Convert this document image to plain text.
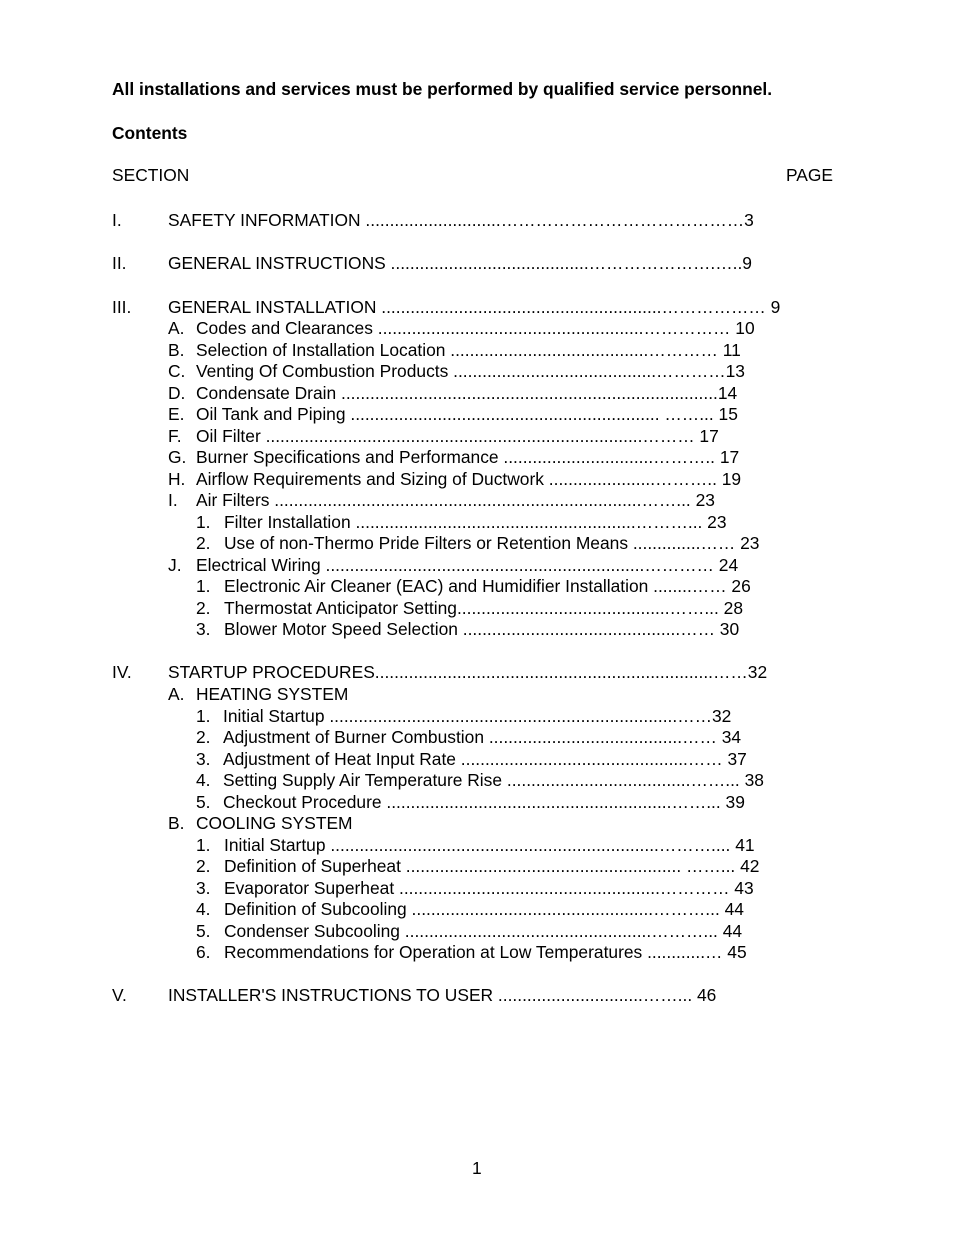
All installations and services must be performed by qualified service personnel.
Contents
SECTION	PAGE
I.	SAFETY INFORMATION ............................……………………………………3
II. GENERAL INSTRUCTIONS .........................................………………….…..9
III. GENERAL INSTALLATION ..........................................................……………… 9
A. Codes and Clearances .......................................................…………… 10
B. Selection of Installation Location .........................................………… 11
C. Venting Of Combustion Products ..........................................…………13
D. Condensate Drain ..............................................................................14
E. Oil Tank and Piping ................................................................ ……... 15
F. Oil Filter ..............................................................................……… 17
G. Burner Specifications and Performance ...............................……….. 17
H. Airflow Requirements and Sizing of Ductwork ......................……….. 19
I. Air Filters ............................................................................……... 23
1. Filter Installation ..........................................................………... 23
2. Use of non-Thermo Pride Filters or Retention Means ..............…… 23
J. Electrical Wiring ..................................................................………… 24
1. Electronic Air Cleaner (EAC) and Humidifier Installation ........…… 26
2. Thermostat Anticipator Setting............................................……... 28
3. Blower Motor Speed Selection .............................................…… 30
IV. STARTUP PROCEDURES......................................................................……32
A. HEATING SYSTEM
1. Initial Startup ........................................................................……32
2. Adjustment of Burner Combustion ........................................…… 34
3. Adjustment of Heat Input Rate ...............................................…… 37
4. Setting Supply Air Temperature Rise ......................................……... 38
5. Checkout Procedure ...........................................................……... 39
B. COOLING SYSTEM
1. Initial Startup ....................................................................……….... 41
2. Definition of Superheat ......................................................... ……... 42
3. Evaporator Superheat ......................................................………… 43
4. Definition of Subcooling ..................................................………... 44
5. Condenser Subcooling ...................................................………... 44
6. Recommendations for Operation at Low Temperatures ............… 45
V. INSTALLER'S INSTRUCTIONS TO USER ..............................……... 46
1
